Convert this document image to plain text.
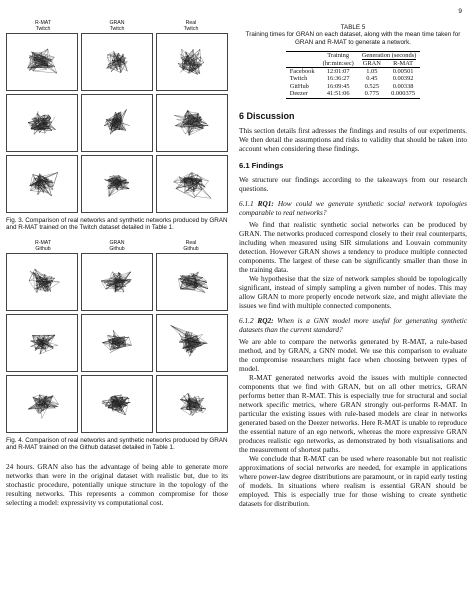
9
R-MAT
Twitch
GRAN
Twitch
Real
Twitch
Fig. 3. Comparison of real networks and synthetic networks produced by GRAN and R-MAT trained on the Twitch dataset detailed in Table 1.
R-MAT
Github
GRAN
Github
Real
Github
Fig. 4. Comparison of real networks and synthetic networks produced by GRAN and R-MAT trained on the Github dataset detailed in Table 1.
24 hours. GRAN also has the advantage of being able to generate more networks than were in the original dataset with realistic but, due to its stochastic procedure, potentially unique structure in the topology of the resulting networks. This represents a common compromise for those selecting a model: expressivity vs computational cost.
TABLE 5
Training times for GRAN on each dataset, along with the mean time taken for GRAN and R-MAT to generate a network.
	Training	Generation (seconds)	
	(hr:min:sec)	GRAN	R-MAT
Facebook	12:01:07	1.05	0.00501
Twitch	16:36:27	0.45	0.00392
GitHub	16:09:45	0.525	0.00338
Deezer	41:51:06	0.775	0.000375
6 Discussion
This section details first adresses the findings and results of our experiments. We then detail the assumptions and risks to validity that should be taken into account when considering these findings.
6.1 Findings
We structure our findings according to the takeaways from our research questions.
6.1.1 RQ1: How could we generate synthetic social network topologies comparable to real networks?

We find that realistic synthetic social networks can be produced by GRAN. The networks produced correspond closely to their real counterparts, including when measured using SIR simulations and Louvain community detection. However GRAN shows a tendency to produce multiple connected components. The largest of these can be significantly smaller than those in the training data.

We hypothesise that the size of network samples should be topologically significant, instead of simply sampling a given number of nodes. This may allow GRAN to more properly encode network size, and might alleviate the issues we find with multiple connected components.

6.1.2 RQ2: When is a GNN model more useful for generating synthetic datasets than the current standard?

We are able to compare the networks generated by R-MAT, a rule-based method, and by GRAN, a GNN model. We use this comparison to evaluate the compromise researchers might face when choosing between types of model.

R-MAT generated networks avoid the issues with multiple connected components that we find with GRAN, but on all other metrics, GRAN performs better than R-MAT. This is especially true for structural and social network specific metrics, where GRAN strongly out-performs R-MAT. In particular the existing issues with rule-based models are clear in networks generated based on the Deezer networks. Here R-MAT is unable to reproduce the essential nature of an ego network, whereas the more expressive GRAN produces realistic ego networks, as demonstrated by both visualisations and the measurement of shortest paths.

We conclude that R-MAT can be used where reasonable but not realistic approximations of social networks are needed, for example in applications where power-law degree distributions are paramount, or in rapid early testing of models. In situations where realism is essential GRAN should be employed. This is especially true for those wishing to create synthetic datasets for distribution.
